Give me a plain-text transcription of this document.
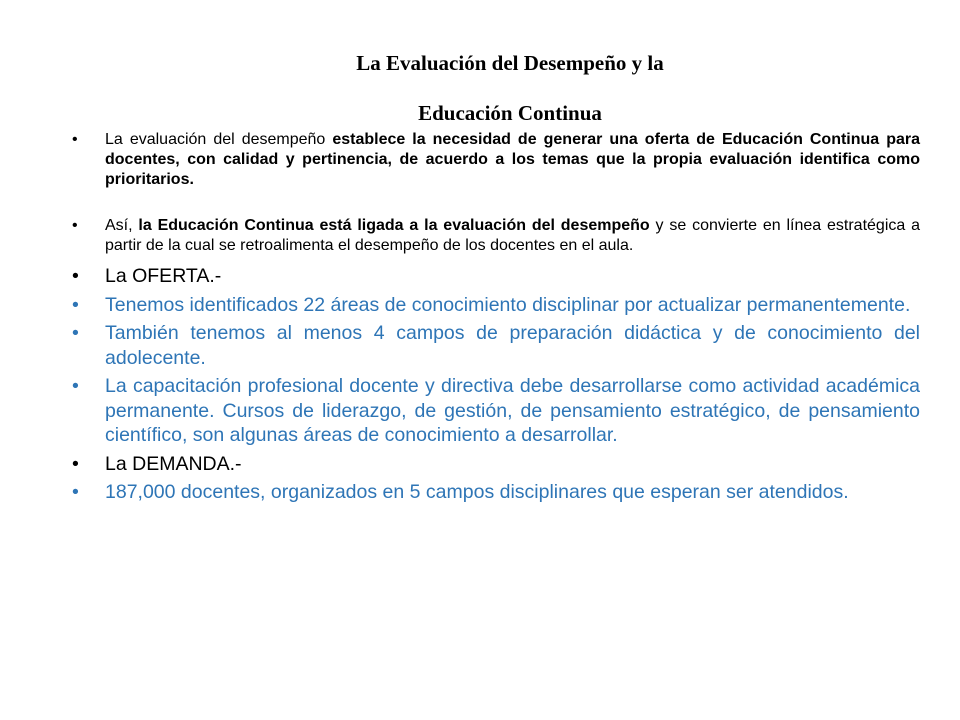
La Evaluación del Desempeño y la
Educación Continua
•	La evaluación del desempeño establece la necesidad de generar una oferta de Educación Continua para docentes, con calidad y pertinencia, de acuerdo a los temas que la propia evaluación identifica como prioritarios.
•	Así, la Educación Continua está ligada a la evaluación del desempeño y se convierte en línea estratégica a partir de la cual se retroalimenta el desempeño de los docentes en el aula.
•	La OFERTA.-
•	Tenemos identificados 22 áreas de conocimiento disciplinar por actualizar permanentemente.
•	También tenemos al menos 4 campos de preparación didáctica y de conocimiento del adolecente.
•	La capacitación profesional docente y directiva debe desarrollarse como actividad académica permanente. Cursos de liderazgo, de gestión, de pensamiento estratégico, de pensamiento científico, son algunas áreas de conocimiento a desarrollar.
•	La DEMANDA.-
•	187,000 docentes, organizados en 5 campos disciplinares que esperan ser atendidos.
